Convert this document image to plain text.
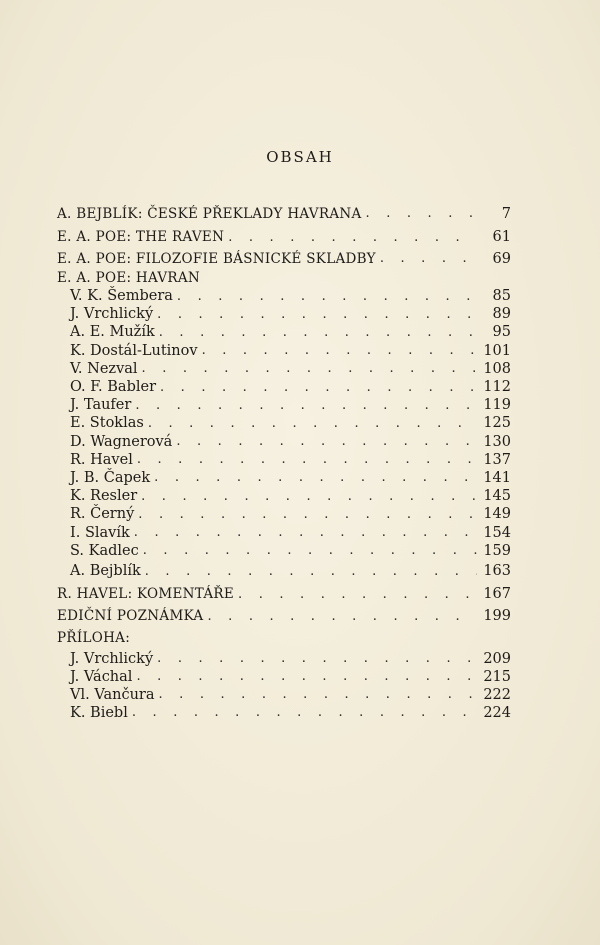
OBSAH
A. BEJBLÍK: ČESKÉ PŘEKLADY HAVRANA . . .	7
E. A. POE: THE RAVEN . . .	61
E. A. POE: FILOZOFIE BÁSNICKÉ SKLADBY . . .	69
E. A. POE: HAVRAN
V. K. Šembera . . .	85
J. Vrchlický . . .	89
A. E. Mužík . . .	95
K. Dostál-Lutinov . . .	101
V. Nezval . . .	108
O. F. Babler . . .	112
J. Taufer . . .	119
E. Stoklas . . .	125
D. Wagnerová . . .	130
R. Havel . . .	137
J. B. Čapek . . .	141
K. Resler . . .	145
R. Černý . . .	149
I. Slavík . . .	154
S. Kadlec . . .	159
A. Bejblík . . .	163
R. HAVEL: KOMENTÁŘE . . .	167
EDIČNÍ POZNÁMKA . . .	199
PŘÍLOHA:
J. Vrchlický . . .	209
J. Váchal . . .	215
Vl. Vančura . . .	222
K. Biebl . . .	224
